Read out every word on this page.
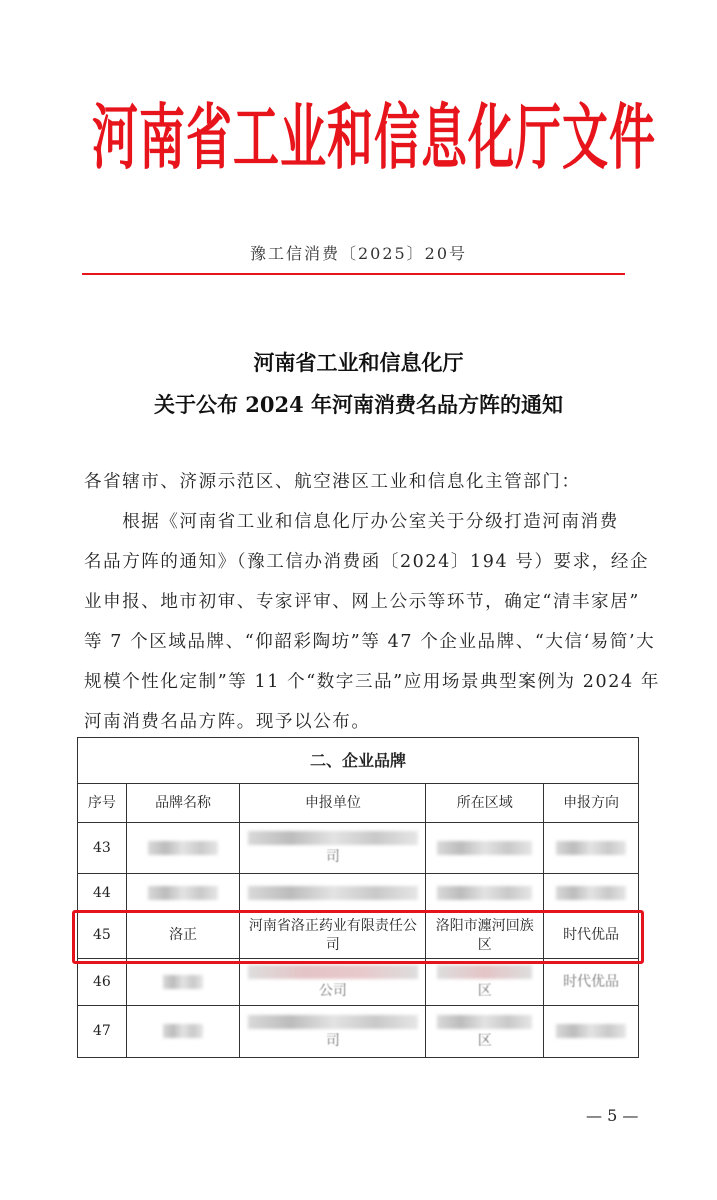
河南省工业和信息化厅文件
豫工信消费〔2025〕20号
河南省工业和信息化厅
关于公布 2024 年河南消费名品方阵的通知
各省辖市、济源示范区、航空港区工业和信息化主管部门：
　　根据《河南省工业和信息化厅办公室关于分级打造河南消费
名品方阵的通知》（豫工信办消费函〔2024〕194 号）要求，经企
业申报、地市初审、专家评审、网上公示等环节，确定“清丰家居”
等 7 个区域品牌、“仰韶彩陶坊”等 47 个企业品牌、“大信‘易简’大
规模个性化定制”等 11 个“数字三品”应用场景典型案例为 2024 年
河南消费名品方阵。现予以公布。
二、企业品牌				
序号	品牌名称	申报单位	所在区域	申报方向
43		司		
44				
45	洛正	河南省洛正药业有限责任公司	洛阳市瀍河回族区	时代优品
46		公司	区	时代优品
47		司	区	
— 5 —
